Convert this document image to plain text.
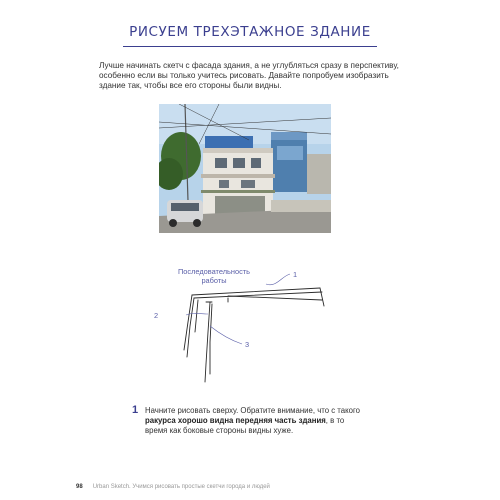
РИСУЕМ ТРЕХЭТАЖНОЕ ЗДАНИЕ

Лучше начинать скетч с фасада здания, а не углубляться сразу в перспективу, особенно если вы только учитесь рисовать. Давайте попробуем изобразить здание так, чтобы все его стороны были видны.

Последовательность
работы
1
2
3
1 Начните рисовать сверху. Обратите внимание, что с такого ракурса хорошо видна передняя часть здания, в то время как боковые стороны видны хуже.

98 Urban Sketch. Учимся рисовать простые скетчи города и людей
